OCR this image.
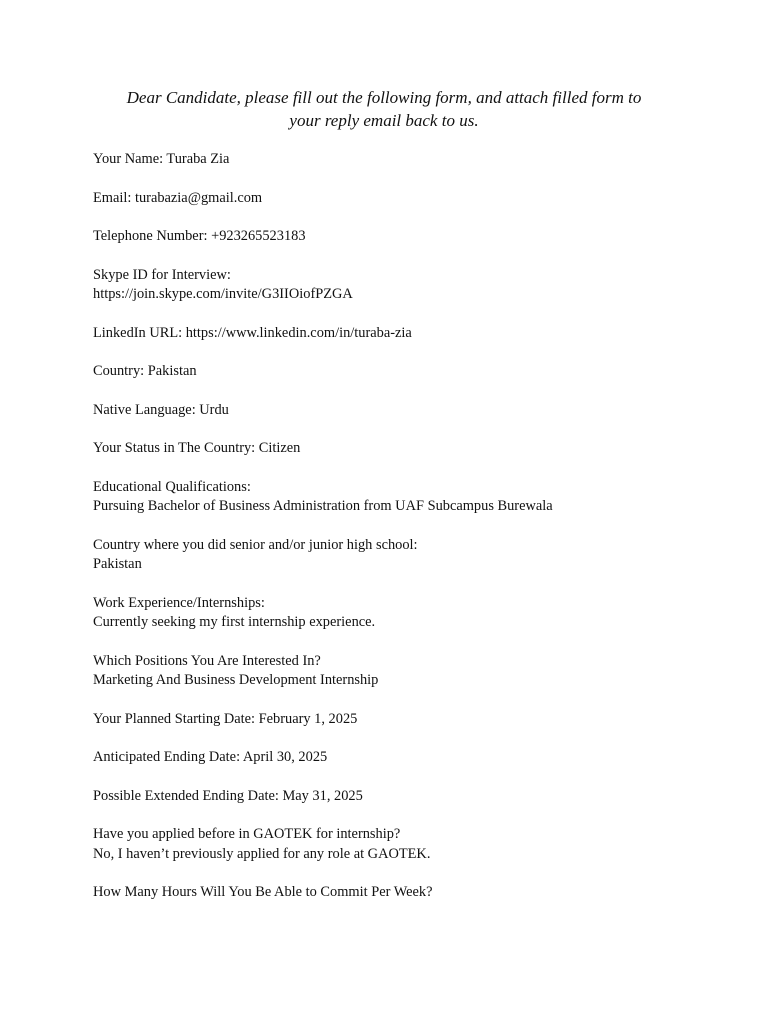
Dear Candidate, please fill out the following form, and attach filled form to
your reply email back to us.
Your Name: Turaba Zia
Email: turabazia@gmail.com
Telephone Number: +923265523183
Skype ID for Interview:
https://join.skype.com/invite/G3IIOiofPZGA
LinkedIn URL: https://www.linkedin.com/in/turaba-zia
Country: Pakistan
Native Language: Urdu
Your Status in The Country: Citizen
Educational Qualifications:
Pursuing Bachelor of Business Administration from UAF Subcampus Burewala
Country where you did senior and/or junior high school:
Pakistan
Work Experience/Internships:
Currently seeking my first internship experience.
Which Positions You Are Interested In?
Marketing And Business Development Internship
Your Planned Starting Date: February 1, 2025
Anticipated Ending Date: April 30, 2025
Possible Extended Ending Date: May 31, 2025
Have you applied before in GAOTEK for internship?
No, I haven’t previously applied for any role at GAOTEK.
How Many Hours Will You Be Able to Commit Per Week?
